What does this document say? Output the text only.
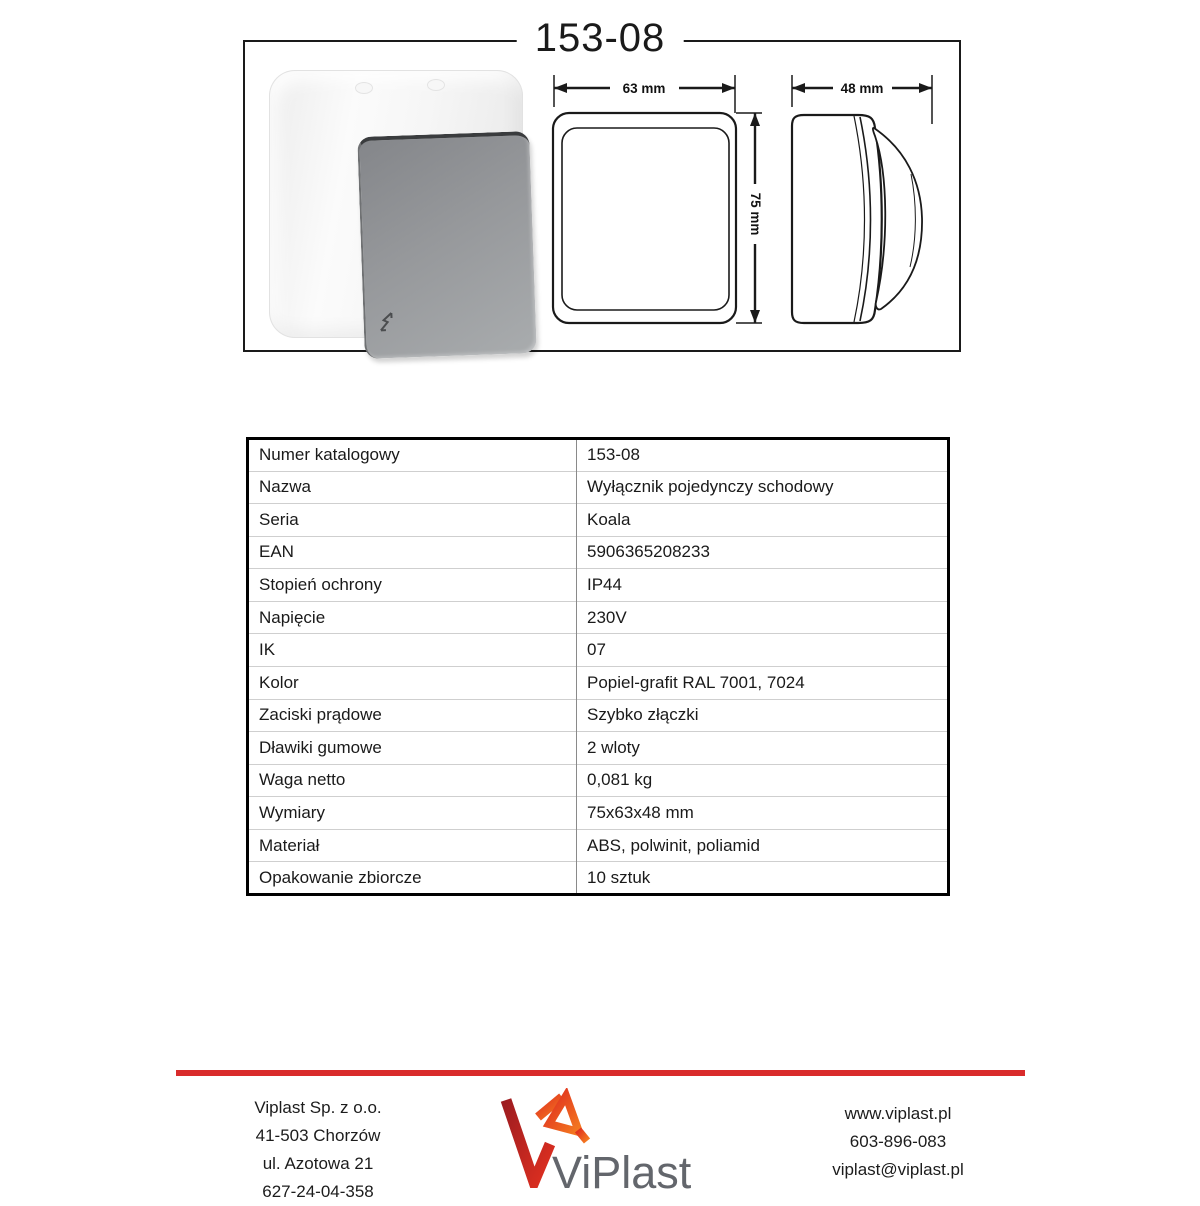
153-08
63 mm	48 mm
75 mm
Numer katalogowy	153-08
Nazwa	Wyłącznik pojedynczy schodowy
Seria	Koala
EAN	5906365208233
Stopień ochrony	IP44
Napięcie	230V
IK	07
Kolor	Popiel-grafit RAL 7001, 7024
Zaciski prądowe	Szybko złączki
Dławiki gumowe	2 wloty
Waga netto	0,081 kg
Wymiary	75x63x48 mm
Materiał	ABS, polwinit, poliamid
Opakowanie zbiorcze	10 sztuk
Viplast Sp. z o.o.
41-503 Chorzów
ul. Azotowa 21
627-24-04-358	ViPlast
www.viplast.pl
603-896-083
viplast@viplast.pl
